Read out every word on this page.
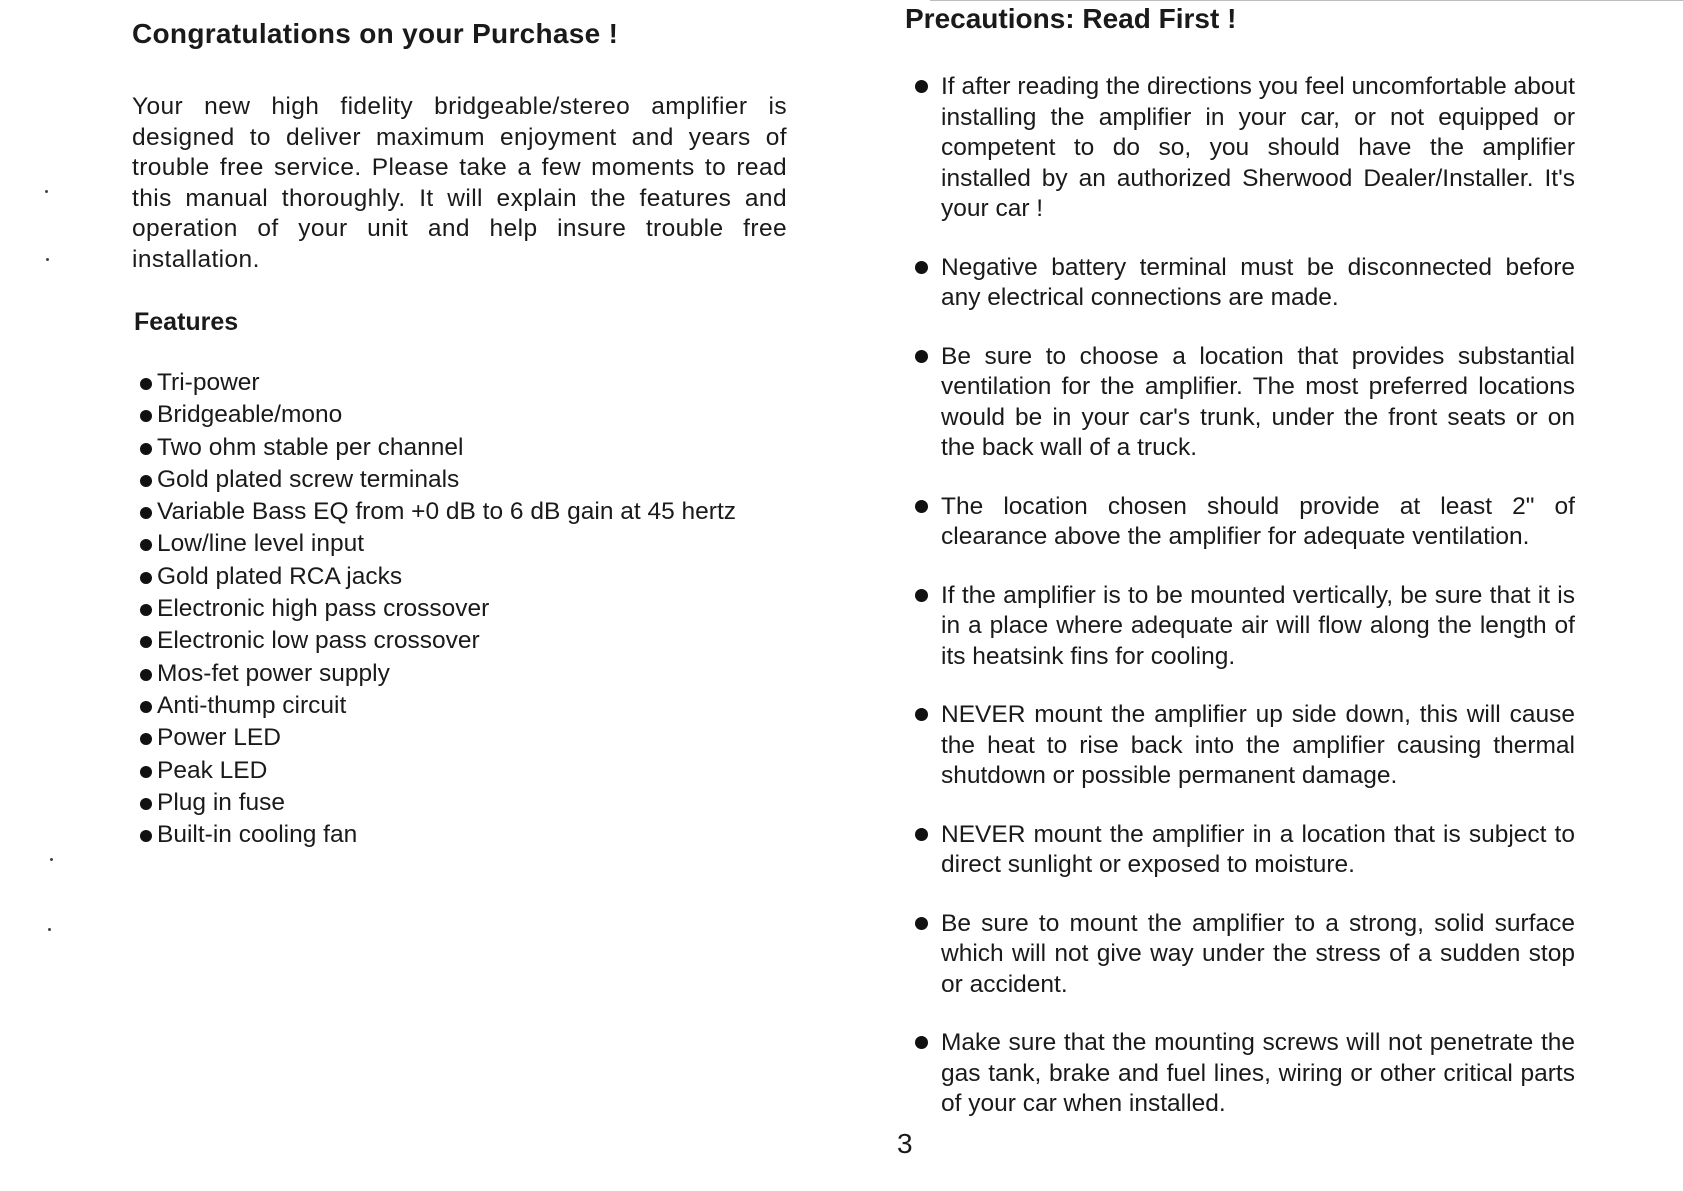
Congratulations on your Purchase !

Your new high fidelity bridgeable/stereo amplifier is designed to deliver maximum enjoyment and years of trouble free service. Please take a few moments to read this manual thoroughly. It will explain the features and operation of your unit and help insure trouble free installation.

Features
Tri-power
Bridgeable/mono
Two ohm stable per channel
Gold plated screw terminals
Variable Bass EQ from +0 dB to 6 dB gain at 45 hertz
Low/line level input
Gold plated RCA jacks
Electronic high pass crossover
Electronic low pass crossover
Mos-fet power supply
Anti-thump circuit
Power LED
Peak LED
Plug in fuse
Built-in cooling fan
Precautions: Read First !
If after reading the directions you feel uncomfortable about installing the amplifier in your car, or not equipped or competent to do so, you should have the amplifier installed by an authorized Sherwood Dealer/Installer. It's your car !
Negative battery terminal must be disconnected before any electrical connections are made.
Be sure to choose a location that provides substantial ventilation for the amplifier. The most preferred locations would be in your car's trunk, under the front seats or on the back wall of a truck.
The location chosen should provide at least 2" of clearance above the amplifier for adequate ventilation.
If the amplifier is to be mounted vertically, be sure that it is in a place where adequate air will flow along the length of its heatsink fins for cooling.
NEVER mount the amplifier up side down, this will cause the heat to rise back into the amplifier causing thermal shutdown or possible permanent damage.
NEVER mount the amplifier in a location that is subject to direct sunlight or exposed to moisture.
Be sure to mount the amplifier to a strong, solid surface which will not give way under the stress of a sudden stop or accident.
Make sure that the mounting screws will not penetrate the gas tank, brake and fuel lines, wiring or other critical parts of your car when installed.
3
